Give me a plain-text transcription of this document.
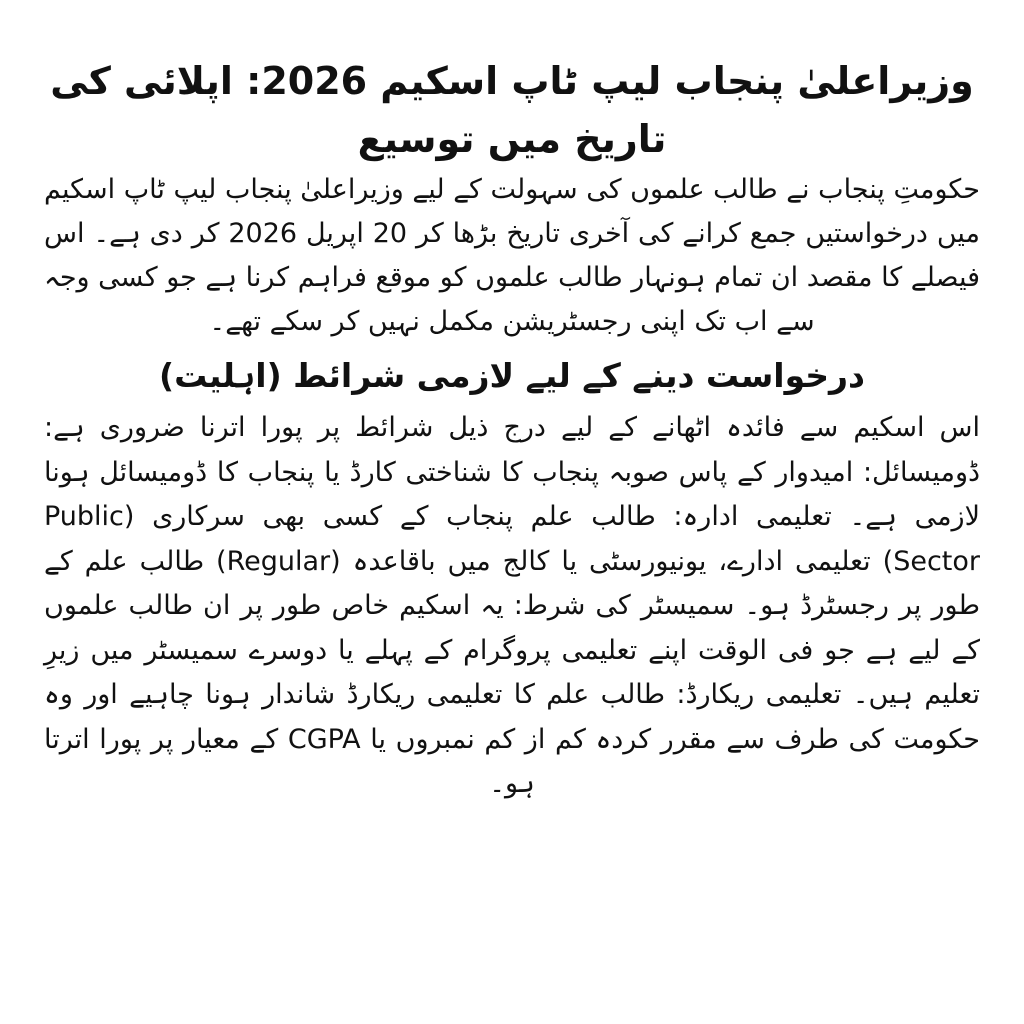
وزیراعلیٰ پنجاب لیپ ٹاپ اسکیم 2026: اپلائی کی تاریخ میں توسیع

حکومتِ پنجاب نے طالب علموں کی سہولت کے لیے وزیراعلیٰ پنجاب لیپ ٹاپ اسکیم میں درخواستیں جمع کرانے کی آخری تاریخ بڑھا کر 20 اپریل 2026 کر دی ہے۔ اس فیصلے کا مقصد ان تمام ہونہار طالب علموں کو موقع فراہم کرنا ہے جو کسی وجہ سے اب تک اپنی رجسٹریشن مکمل نہیں کر سکے تھے۔

درخواست دینے کے لیے لازمی شرائط (اہلیت)

اس اسکیم سے فائدہ اٹھانے کے لیے درج ذیل شرائط پر پورا اترنا ضروری ہے: ڈومیسائل: امیدوار کے پاس صوبہ پنجاب کا شناختی کارڈ یا پنجاب کا ڈومیسائل ہونا لازمی ہے۔ تعلیمی ادارہ: طالب علم پنجاب کے کسی بھی سرکاری (Public Sector) تعلیمی ادارے، یونیورسٹی یا کالج میں باقاعدہ (Regular) طالب علم کے طور پر رجسٹرڈ ہو۔ سمیسٹر کی شرط: یہ اسکیم خاص طور پر ان طالب علموں کے لیے ہے جو فی الوقت اپنے تعلیمی پروگرام کے پہلے یا دوسرے سمیسٹر میں زیرِ تعلیم ہیں۔ تعلیمی ریکارڈ: طالب علم کا تعلیمی ریکارڈ شاندار ہونا چاہیے اور وہ حکومت کی طرف سے مقرر کردہ کم از کم نمبروں یا CGPA کے معیار پر پورا اترتا ہو۔
